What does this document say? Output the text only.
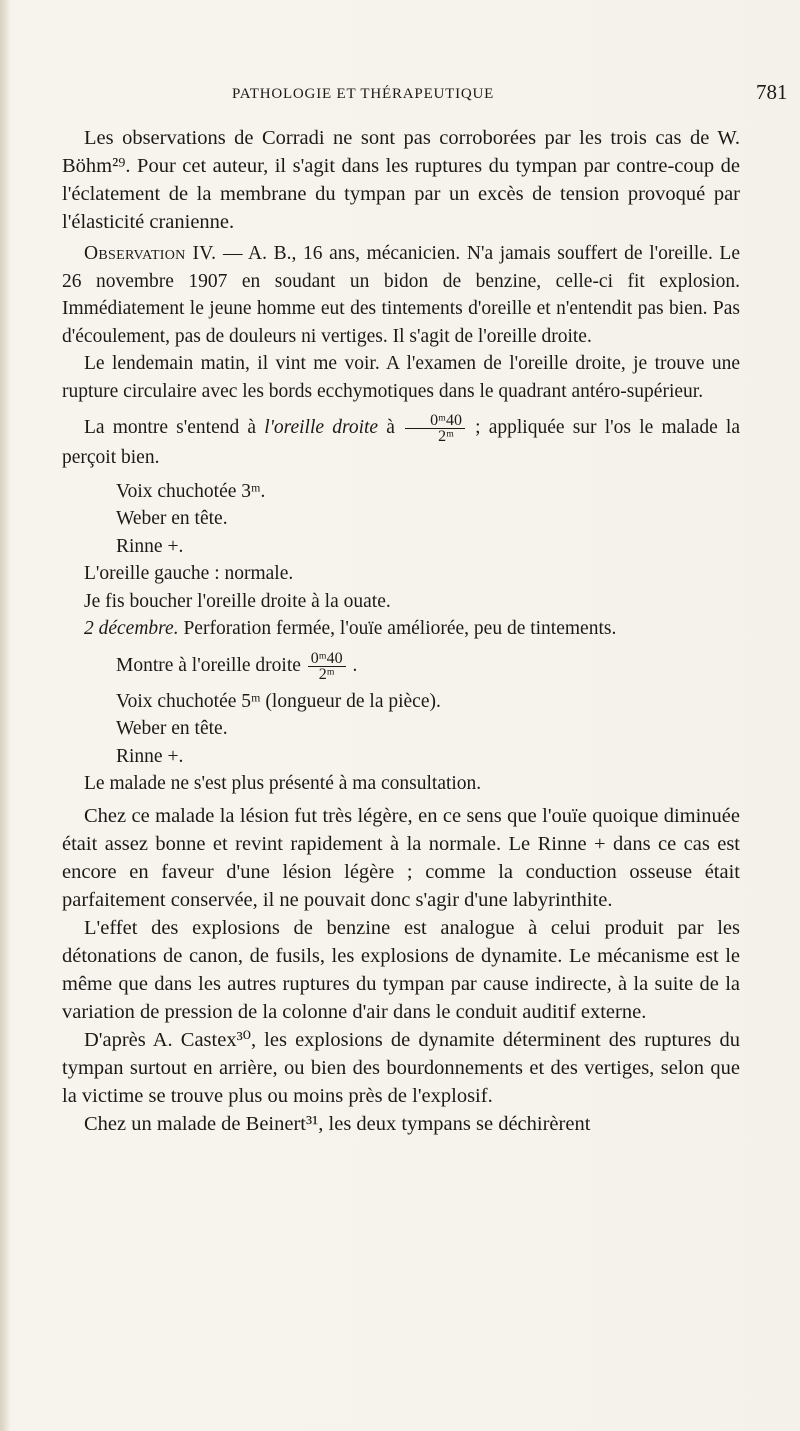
PATHOLOGIE ET THÉRAPEUTIQUE	781

Les observations de Corradi ne sont pas corroborées par les trois cas de W. Böhm²⁹. Pour cet auteur, il s'agit dans les ruptures du tympan par contre-coup de l'éclatement de la membrane du tympan par un excès de tension provoqué par l'élasticité cranienne.

Observation IV. — A. B., 16 ans, mécanicien. N'a jamais souffert de l'oreille. Le 26 novembre 1907 en soudant un bidon de benzine, celle-ci fit explosion. Immédiatement le jeune homme eut des tintements d'oreille et n'entendit pas bien. Pas d'écoulement, pas de douleurs ni vertiges. Il s'agit de l'oreille droite.

Le lendemain matin, il vint me voir. A l'examen de l'oreille droite, je trouve une rupture circulaire avec les bords ecchymotiques dans le quadrant antéro-supérieur.

La montre s'entend à l'oreille droite à $\frac{\text{0ᵐ40}}{\text{2ᵐ}}$ ; appliquée sur l'os le malade la perçoit bien.

Voix chuchotée 3ᵐ.

Weber en tête.

Rinne +.

L'oreille gauche : normale.

Je fis boucher l'oreille droite à la ouate.

2 décembre. Perforation fermée, l'ouïe améliorée, peu de tintements.

Montre à l'oreille droite $\frac{\text{0ᵐ40}}{\text{2ᵐ}}$ .

Voix chuchotée 5ᵐ (longueur de la pièce).

Weber en tête.

Rinne +.

Le malade ne s'est plus présenté à ma consultation.

Chez ce malade la lésion fut très légère, en ce sens que l'ouïe quoique diminuée était assez bonne et revint rapidement à la normale. Le Rinne + dans ce cas est encore en faveur d'une lésion légère ; comme la conduction osseuse était parfaitement conservée, il ne pouvait donc s'agir d'une labyrinthite.

L'effet des explosions de benzine est analogue à celui produit par les détonations de canon, de fusils, les explosions de dynamite. Le mécanisme est le même que dans les autres ruptures du tympan par cause indirecte, à la suite de la variation de pression de la colonne d'air dans le conduit auditif externe.

D'après A. Castex³⁰, les explosions de dynamite déterminent des ruptures du tympan surtout en arrière, ou bien des bourdonnements et des vertiges, selon que la victime se trouve plus ou moins près de l'explosif.

Chez un malade de Beinert³¹, les deux tympans se déchirèrent
